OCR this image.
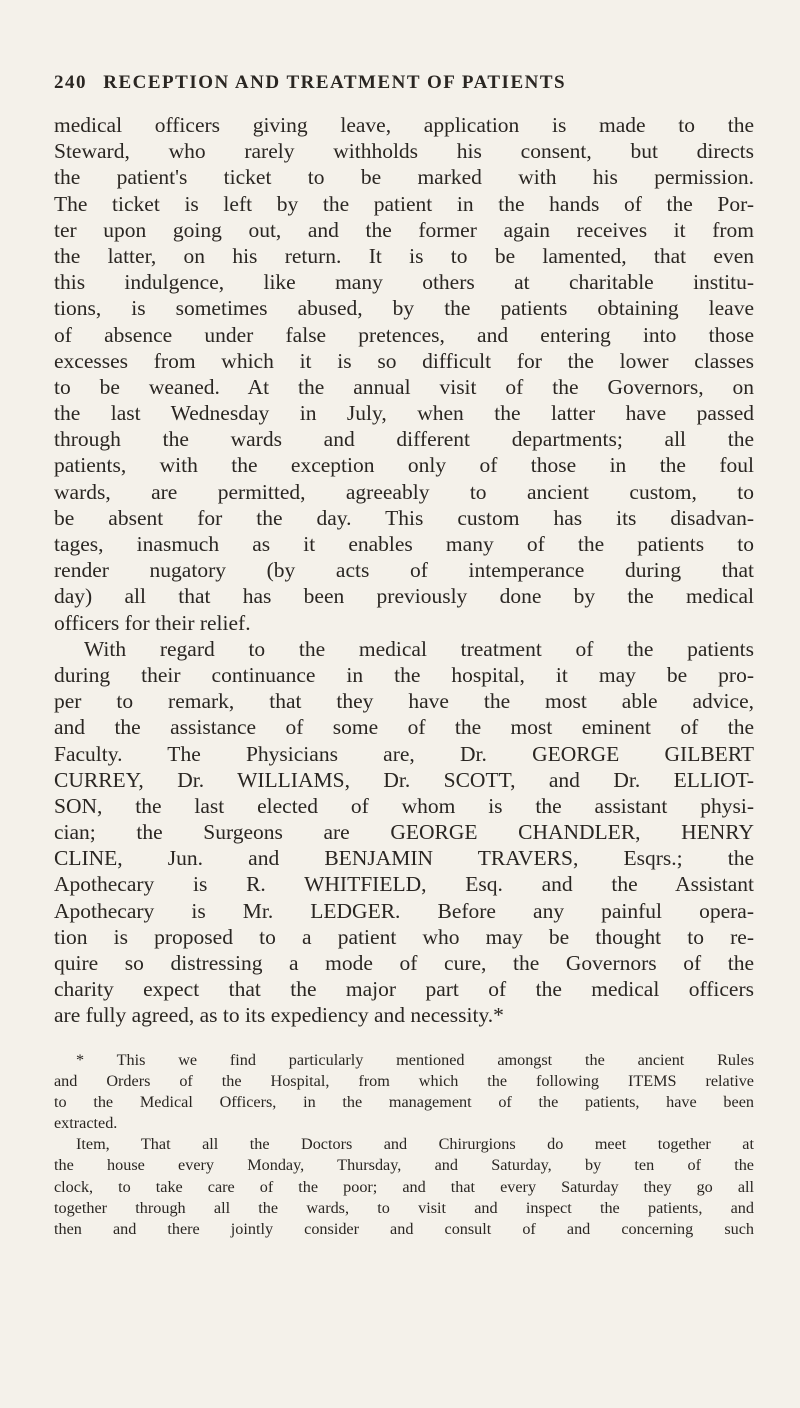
240 RECEPTION AND TREATMENT OF PATIENTS
medical officers giving leave, application is made to the
Steward, who rarely withholds his consent, but directs
the patient's ticket to be marked with his permission.
The ticket is left by the patient in the hands of the Por-
ter upon going out, and the former again receives it from
the latter, on his return. It is to be lamented, that even
this indulgence, like many others at charitable institu-
tions, is sometimes abused, by the patients obtaining leave
of absence under false pretences, and entering into those
excesses from which it is so difficult for the lower classes
to be weaned. At the annual visit of the Governors, on
the last Wednesday in July, when the latter have passed
through the wards and different departments; all the
patients, with the exception only of those in the foul
wards, are permitted, agreeably to ancient custom, to
be absent for the day. This custom has its disadvan-
tages, inasmuch as it enables many of the patients to
render nugatory (by acts of intemperance during that
day) all that has been previously done by the medical
officers for their relief.
With regard to the medical treatment of the patients
during their continuance in the hospital, it may be pro-
per to remark, that they have the most able advice,
and the assistance of some of the most eminent of the
Faculty. The Physicians are, Dr. GEORGE GILBERT
CURREY, Dr. WILLIAMS, Dr. SCOTT, and Dr. ELLIOT-
SON, the last elected of whom is the assistant physi-
cian; the Surgeons are GEORGE CHANDLER, HENRY
CLINE, Jun. and BENJAMIN TRAVERS, Esqrs.; the
Apothecary is R. WHITFIELD, Esq. and the Assistant
Apothecary is Mr. LEDGER. Before any painful opera-
tion is proposed to a patient who may be thought to re-
quire so distressing a mode of cure, the Governors of the
charity expect that the major part of the medical officers
are fully agreed, as to its expediency and necessity.*
* This we find particularly mentioned amongst the ancient Rules
and Orders of the Hospital, from which the following ITEMS relative
to the Medical Officers, in the management of the patients, have been
extracted.
Item, That all the Doctors and Chirurgions do meet together at
the house every Monday, Thursday, and Saturday, by ten of the
clock, to take care of the poor; and that every Saturday they go all
together through all the wards, to visit and inspect the patients, and
then and there jointly consider and consult of and concerning such
